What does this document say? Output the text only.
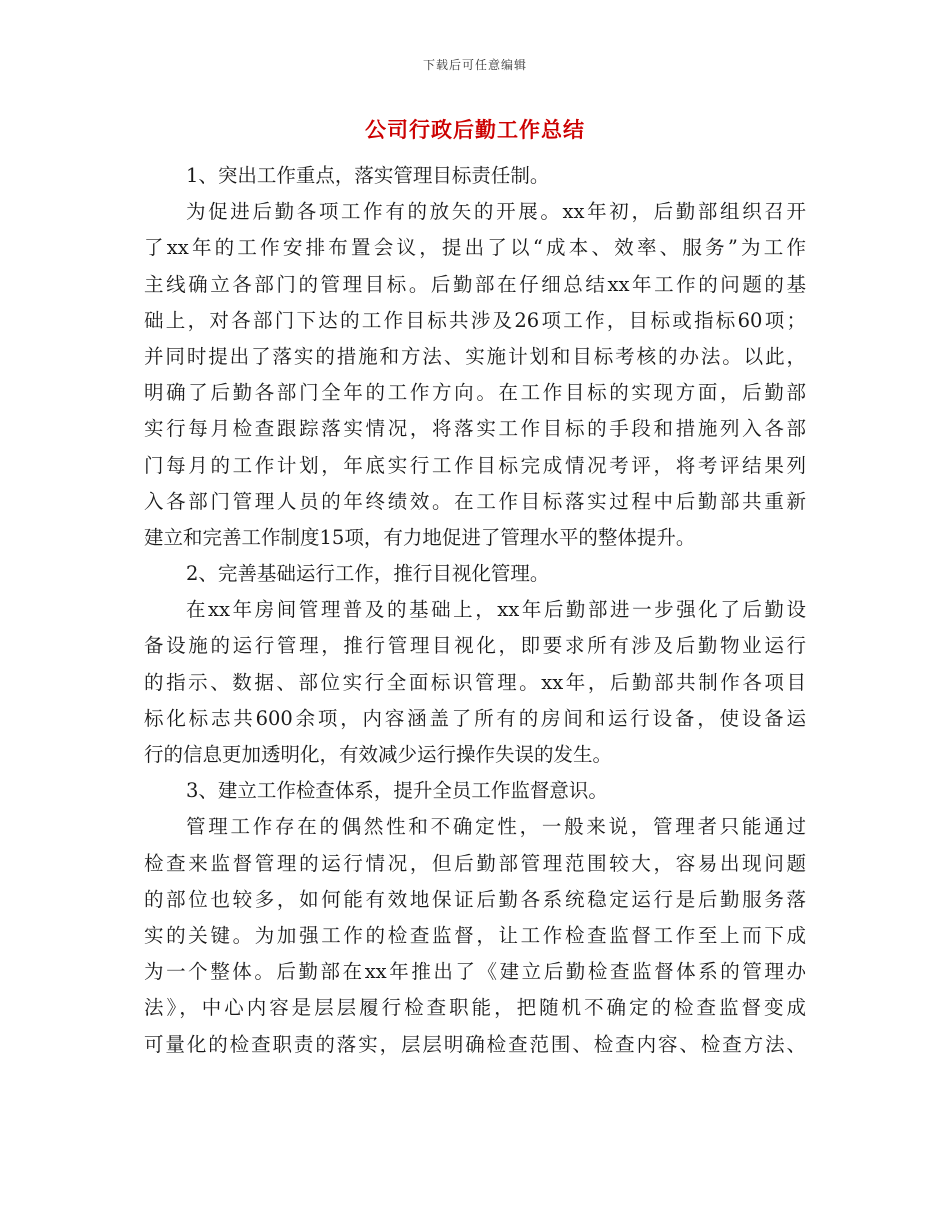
下载后可任意编辑
公司行政后勤工作总结
1、突出工作重点，落实管理目标责任制。
为促进后勤各项工作有的放矢的开展。xx年初，后勤部组织召开
了xx年的工作安排布置会议，提出了以“成本、效率、服务”为工作
主线确立各部门的管理目标。后勤部在仔细总结xx年工作的问题的基
础上，对各部门下达的工作目标共涉及26项工作，目标或指标60项；
并同时提出了落实的措施和方法、实施计划和目标考核的办法。以此，
明确了后勤各部门全年的工作方向。在工作目标的实现方面，后勤部
实行每月检查跟踪落实情况，将落实工作目标的手段和措施列入各部
门每月的工作计划，年底实行工作目标完成情况考评，将考评结果列
入各部门管理人员的年终绩效。在工作目标落实过程中后勤部共重新
建立和完善工作制度15项，有力地促进了管理水平的整体提升。
2、完善基础运行工作，推行目视化管理。
在xx年房间管理普及的基础上，xx年后勤部进一步强化了后勤设
备设施的运行管理，推行管理目视化，即要求所有涉及后勤物业运行
的指示、数据、部位实行全面标识管理。xx年，后勤部共制作各项目
标化标志共600余项，内容涵盖了所有的房间和运行设备，使设备运
行的信息更加透明化，有效减少运行操作失误的发生。
3、建立工作检查体系，提升全员工作监督意识。
管理工作存在的偶然性和不确定性，一般来说，管理者只能通过
检查来监督管理的运行情况，但后勤部管理范围较大，容易出现问题
的部位也较多，如何能有效地保证后勤各系统稳定运行是后勤服务落
实的关键。为加强工作的检查监督，让工作检查监督工作至上而下成
为一个整体。后勤部在xx年推出了《建立后勤检查监督体系的管理办
法》，中心内容是层层履行检查职能，把随机不确定的检查监督变成
可量化的检查职责的落实，层层明确检查范围、检查内容、检查方法、
